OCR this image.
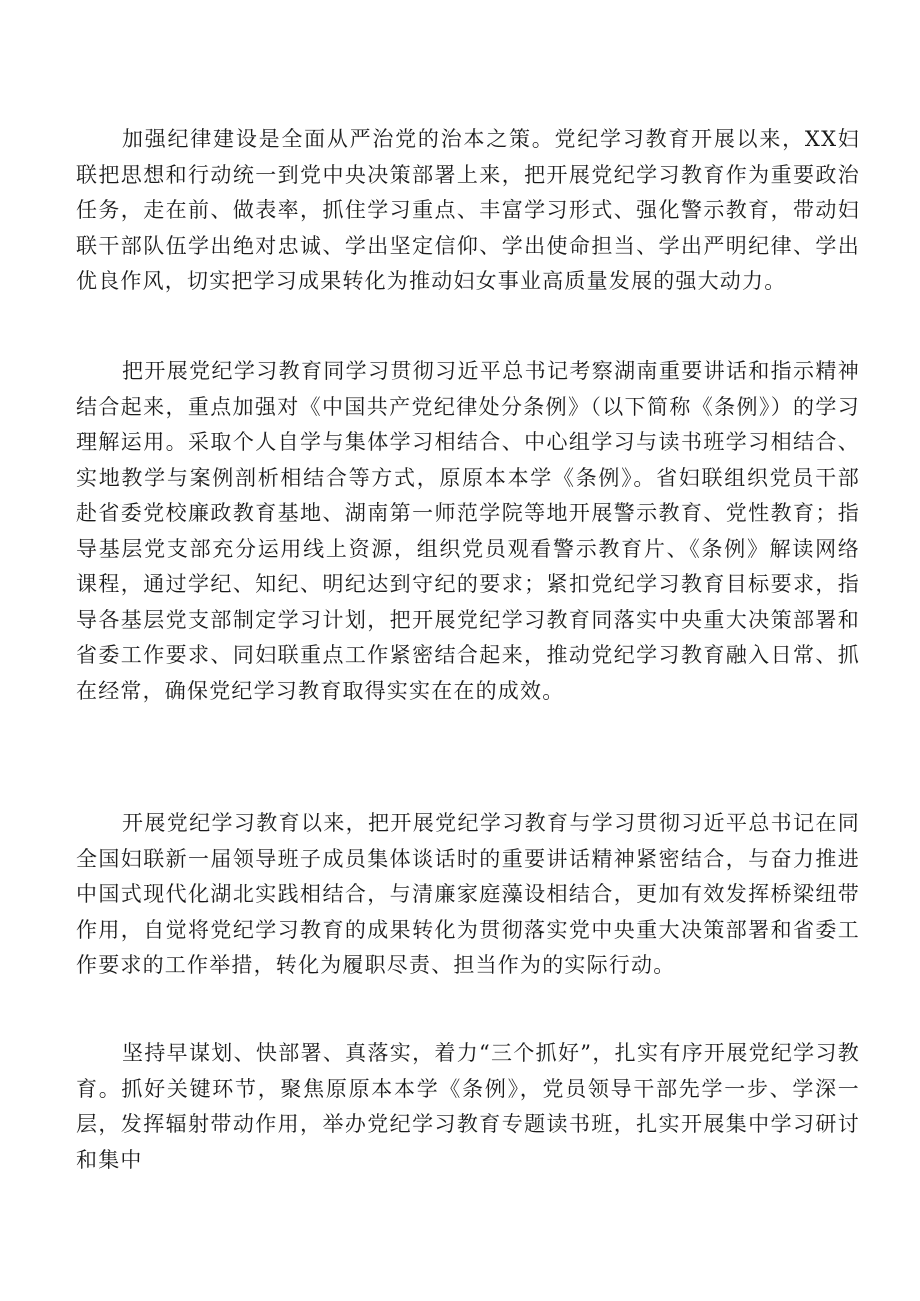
加强纪律建设是全面从严治党的治本之策。党纪学习教育开展以来，XX妇联把思想和行动统一到党中央决策部署上来，把开展党纪学习教育作为重要政治任务，走在前、做表率，抓住学习重点、丰富学习形式、强化警示教育，带动妇联干部队伍学出绝对忠诚、学出坚定信仰、学出使命担当、学出严明纪律、学出优良作风，切实把学习成果转化为推动妇女事业高质量发展的强大动力。

把开展党纪学习教育同学习贯彻习近平总书记考察湖南重要讲话和指示精神结合起来，重点加强对《中国共产党纪律处分条例》（以下简称《条例》）的学习理解运用。采取个人自学与集体学习相结合、中心组学习与读书班学习相结合、实地教学与案例剖析相结合等方式，原原本本学《条例》。省妇联组织党员干部赴省委党校廉政教育基地、湖南第一师范学院等地开展警示教育、党性教育；指导基层党支部充分运用线上资源，组织党员观看警示教育片、《条例》解读网络课程，通过学纪、知纪、明纪达到守纪的要求；紧扣党纪学习教育目标要求，指导各基层党支部制定学习计划，把开展党纪学习教育同落实中央重大决策部署和省委工作要求、同妇联重点工作紧密结合起来，推动党纪学习教育融入日常、抓在经常，确保党纪学习教育取得实实在在的成效。

开展党纪学习教育以来，把开展党纪学习教育与学习贯彻习近平总书记在同全国妇联新一届领导班子成员集体谈话时的重要讲话精神紧密结合，与奋力推进中国式现代化湖北实践相结合，与清廉家庭藻设相结合，更加有效发挥桥梁纽带作用，自觉将党纪学习教育的成果转化为贯彻落实党中央重大决策部署和省委工作要求的工作举措，转化为履职尽责、担当作为的实际行动。

坚持早谋划、快部署、真落实，着力“三个抓好”，扎实有序开展党纪学习教育。抓好关键环节，聚焦原原本本学《条例》，党员领导干部先学一步、学深一层，发挥辐射带动作用，举办党纪学习教育专题读书班，扎实开展集中学习研讨和集中
